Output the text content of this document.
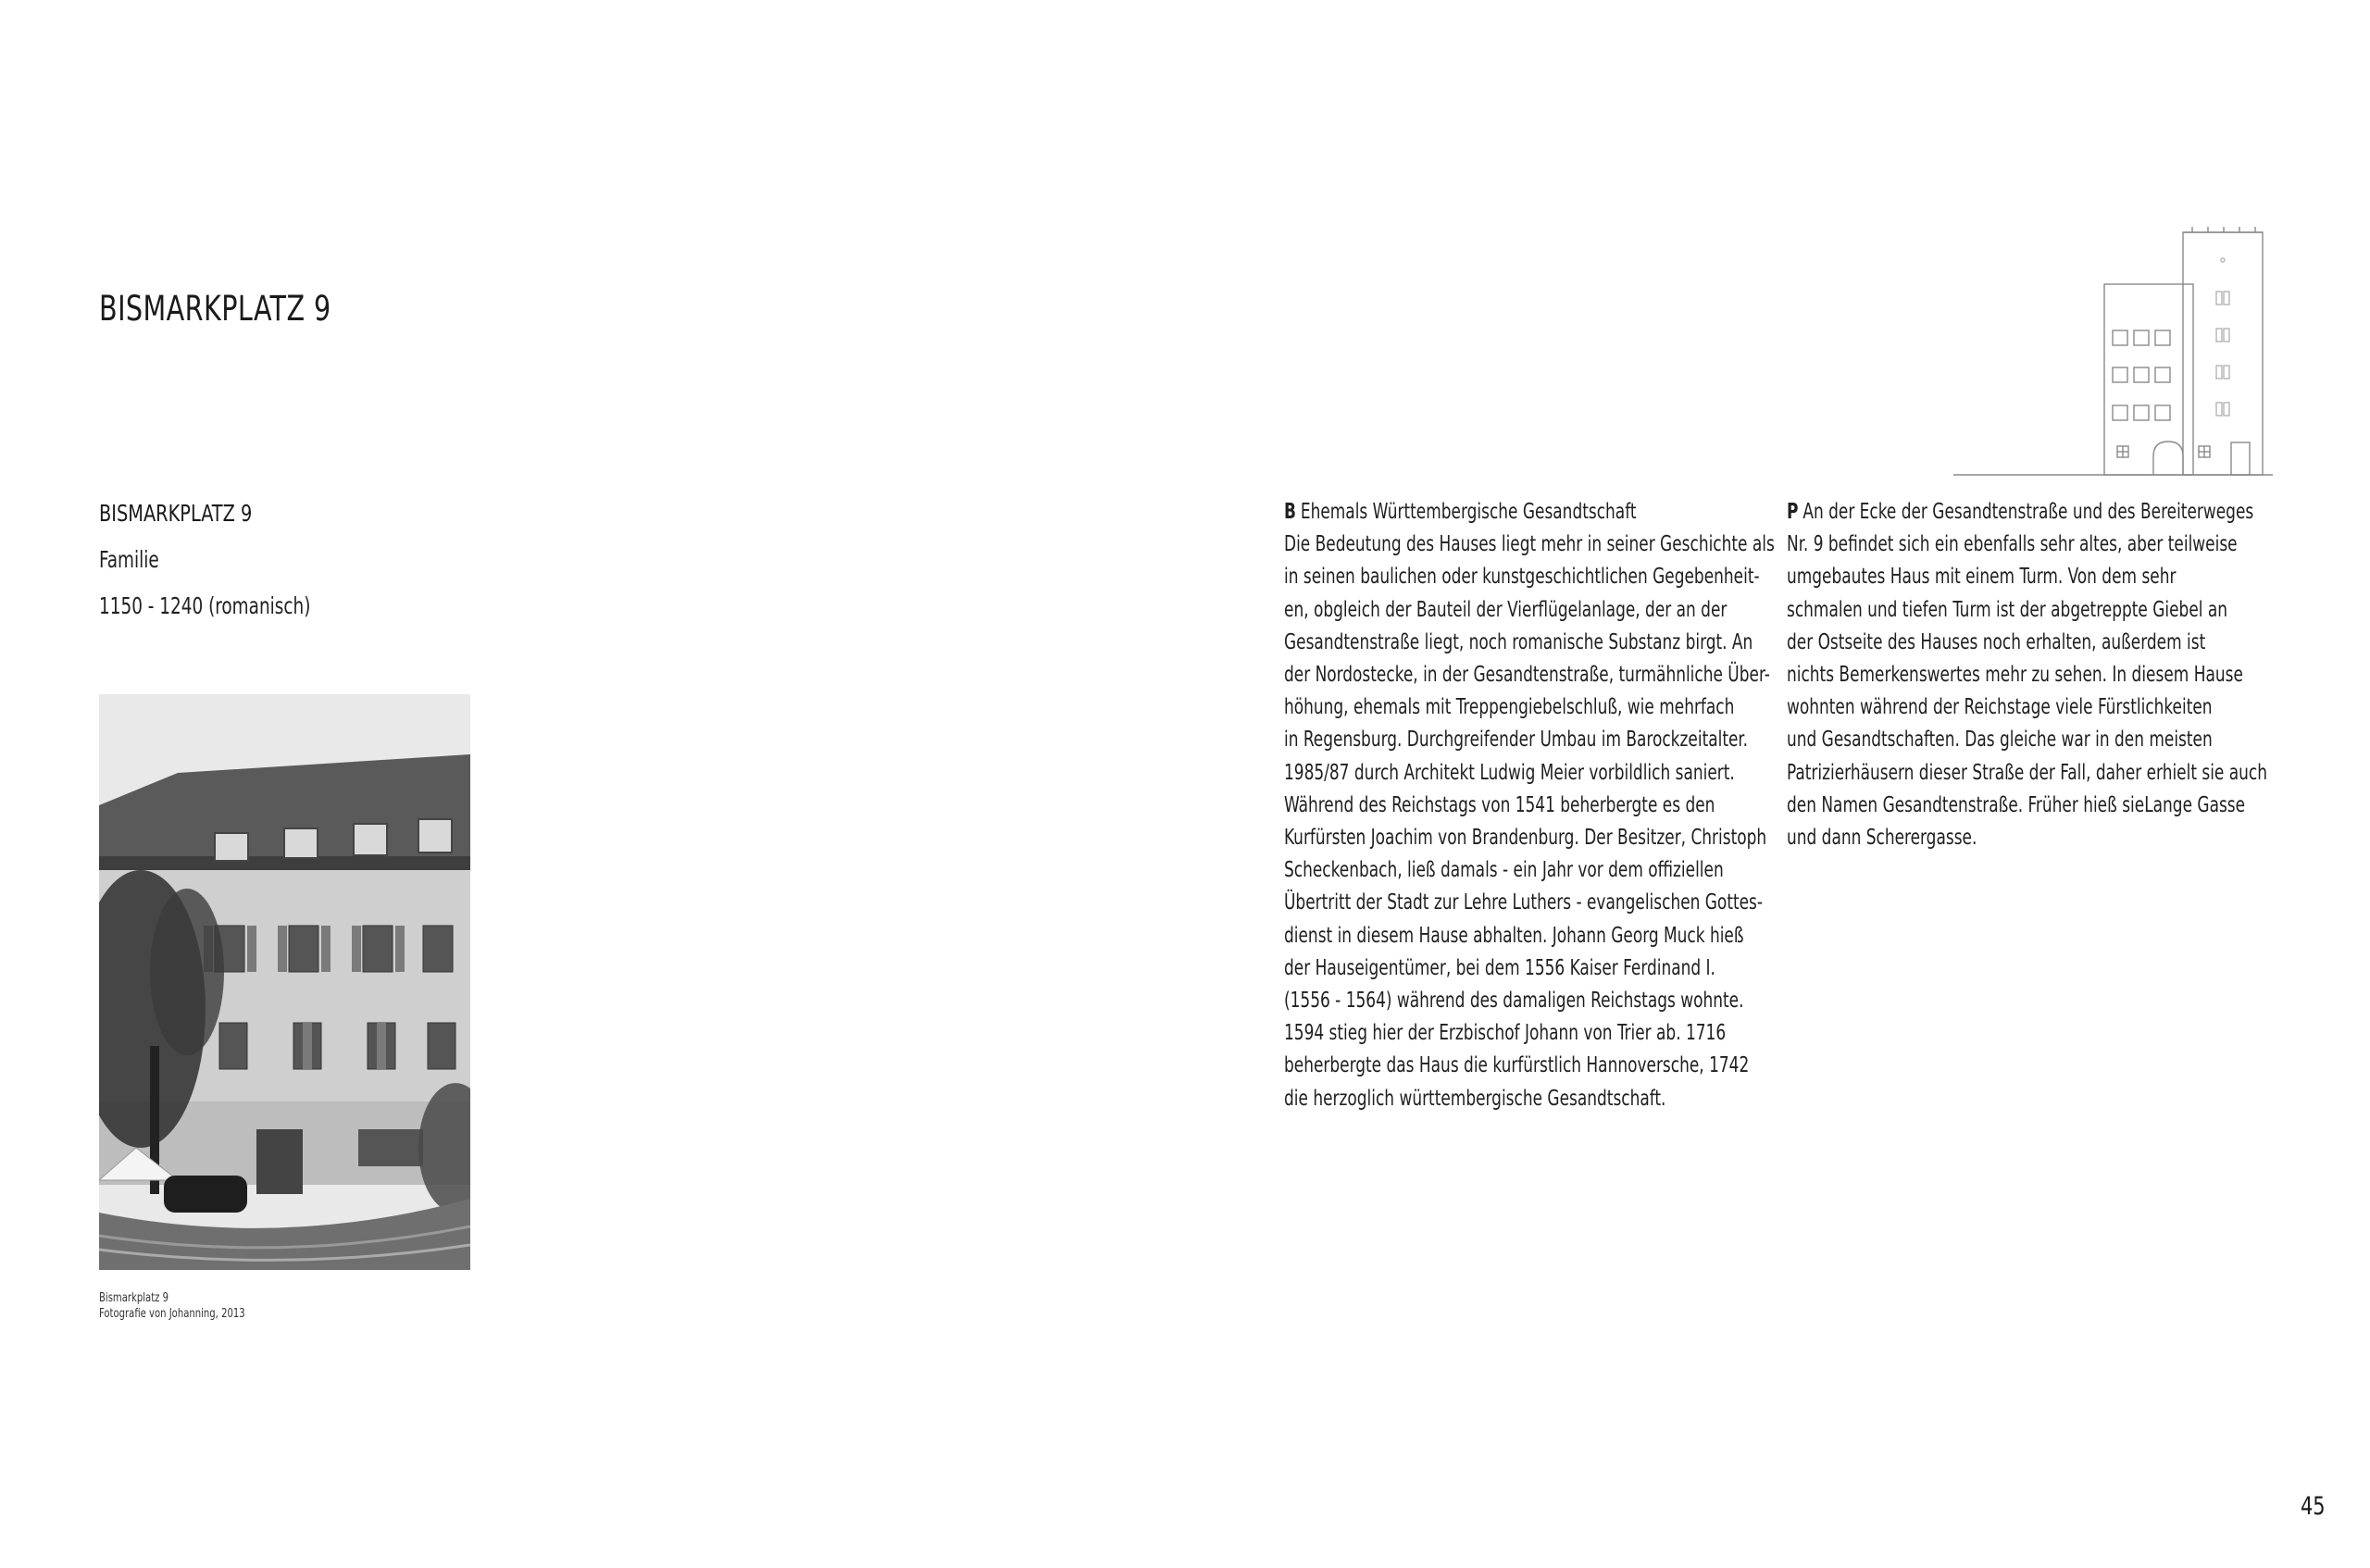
BISMARKPLATZ 9
BISMARKPLATZ 9
Familie
1150 - 1240 (romanisch)
Bismarkplatz 9
Fotografie von Johanning, 2013
B Ehemals Württembergische Gesandtschaft
Die Bedeutung des Hauses liegt mehr in seiner Geschichte als
in seinen baulichen oder kunstgeschichtlichen Gegebenheit-
en, obgleich der Bauteil der Vierflügelanlage, der an der
Gesandtenstraße liegt, noch romanische Substanz birgt. An
der Nordostecke, in der Gesandtenstraße, turmähnliche Über-
höhung, ehemals mit Treppengiebelschluß, wie mehrfach
in Regensburg. Durchgreifender Umbau im Barockzeitalter.
1985/87 durch Architekt Ludwig Meier vorbildlich saniert.
Während des Reichstags von 1541 beherbergte es den
Kurfürsten Joachim von Brandenburg. Der Besitzer, Christoph
Scheckenbach, ließ damals - ein Jahr vor dem offiziellen
Übertritt der Stadt zur Lehre Luthers - evangelischen Gottes-
dienst in diesem Hause abhalten. Johann Georg Muck hieß
der Hauseigentümer, bei dem 1556 Kaiser Ferdinand I.
(1556 - 1564) während des damaligen Reichstags wohnte.
1594 stieg hier der Erzbischof Johann von Trier ab. 1716
beherbergte das Haus die kurfürstlich Hannoversche, 1742
die herzoglich württembergische Gesandtschaft.
P An der Ecke der Gesandtenstraße und des Bereiterweges
Nr. 9 befindet sich ein ebenfalls sehr altes, aber teilweise
umgebautes Haus mit einem Turm. Von dem sehr
schmalen und tiefen Turm ist der abgetreppte Giebel an
der Ostseite des Hauses noch erhalten, außerdem ist
nichts Bemerkenswertes mehr zu sehen. In diesem Hause
wohnten während der Reichstage viele Fürstlichkeiten
und Gesandtschaften. Das gleiche war in den meisten
Patrizierhäusern dieser Straße der Fall, daher erhielt sie auch
den Namen Gesandtenstraße. Früher hieß sieLange Gasse
und dann Scherergasse.
45
